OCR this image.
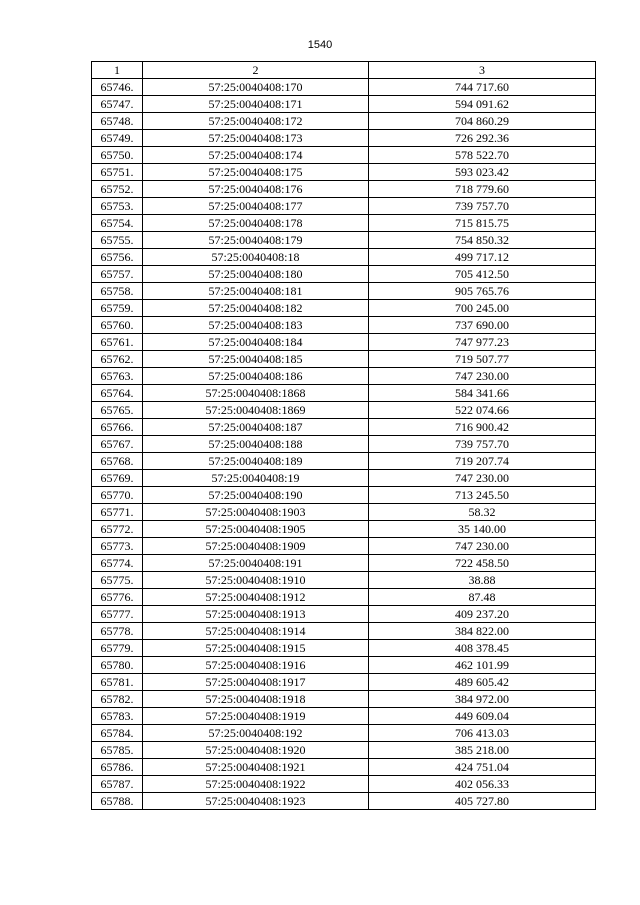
1540
1	2	3
65746.	57:25:0040408:170	744 717.60
65747.	57:25:0040408:171	594 091.62
65748.	57:25:0040408:172	704 860.29
65749.	57:25:0040408:173	726 292.36
65750.	57:25:0040408:174	578 522.70
65751.	57:25:0040408:175	593 023.42
65752.	57:25:0040408:176	718 779.60
65753.	57:25:0040408:177	739 757.70
65754.	57:25:0040408:178	715 815.75
65755.	57:25:0040408:179	754 850.32
65756.	57:25:0040408:18	499 717.12
65757.	57:25:0040408:180	705 412.50
65758.	57:25:0040408:181	905 765.76
65759.	57:25:0040408:182	700 245.00
65760.	57:25:0040408:183	737 690.00
65761.	57:25:0040408:184	747 977.23
65762.	57:25:0040408:185	719 507.77
65763.	57:25:0040408:186	747 230.00
65764.	57:25:0040408:1868	584 341.66
65765.	57:25:0040408:1869	522 074.66
65766.	57:25:0040408:187	716 900.42
65767.	57:25:0040408:188	739 757.70
65768.	57:25:0040408:189	719 207.74
65769.	57:25:0040408:19	747 230.00
65770.	57:25:0040408:190	713 245.50
65771.	57:25:0040408:1903	58.32
65772.	57:25:0040408:1905	35 140.00
65773.	57:25:0040408:1909	747 230.00
65774.	57:25:0040408:191	722 458.50
65775.	57:25:0040408:1910	38.88
65776.	57:25:0040408:1912	87.48
65777.	57:25:0040408:1913	409 237.20
65778.	57:25:0040408:1914	384 822.00
65779.	57:25:0040408:1915	408 378.45
65780.	57:25:0040408:1916	462 101.99
65781.	57:25:0040408:1917	489 605.42
65782.	57:25:0040408:1918	384 972.00
65783.	57:25:0040408:1919	449 609.04
65784.	57:25:0040408:192	706 413.03
65785.	57:25:0040408:1920	385 218.00
65786.	57:25:0040408:1921	424 751.04
65787.	57:25:0040408:1922	402 056.33
65788.	57:25:0040408:1923	405 727.80
